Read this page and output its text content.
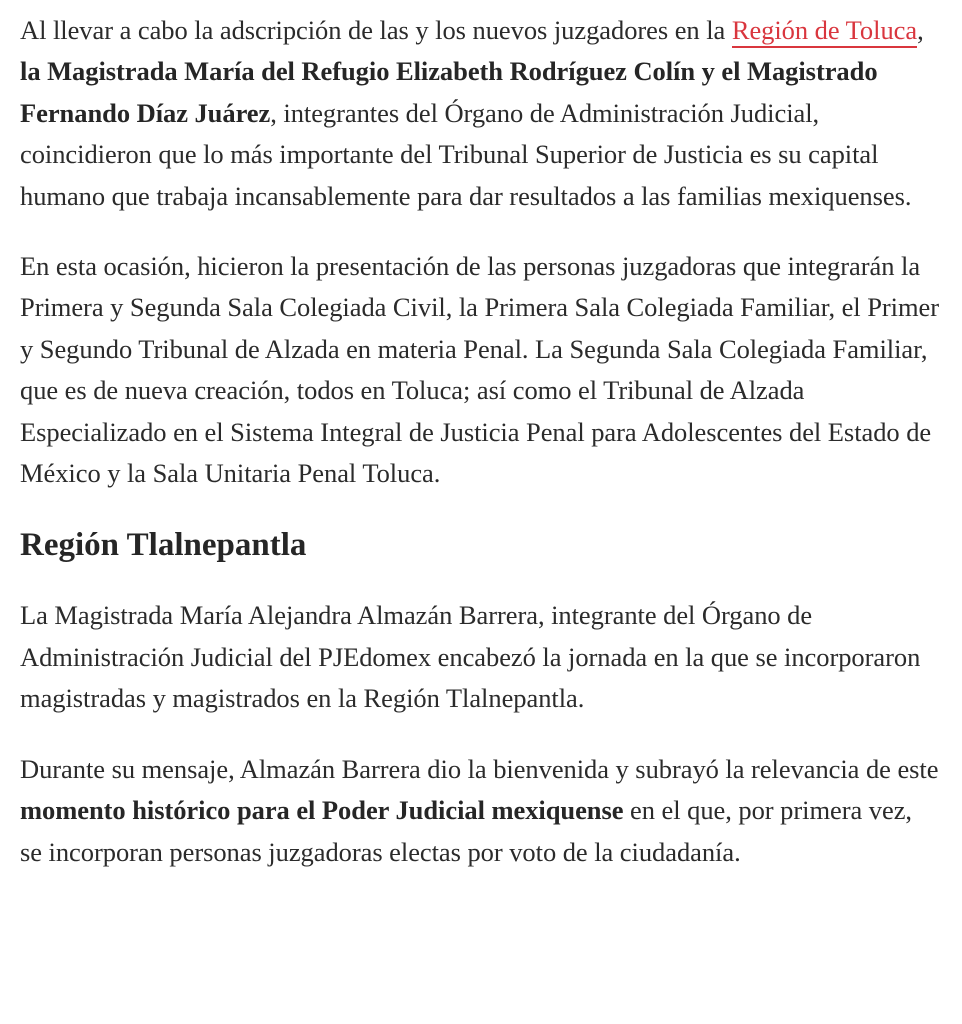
Al llevar a cabo la adscripción de las y los nuevos juzgadores en la Región de Toluca, la Magistrada María del Refugio Elizabeth Rodríguez Colín y el Magistrado Fernando Díaz Juárez, integrantes del Órgano de Administración Judicial, coincidieron que lo más importante del Tribunal Superior de Justicia es su capital humano que trabaja incansablemente para dar resultados a las familias mexiquenses.

En esta ocasión, hicieron la presentación de las personas juzgadoras que integrarán la Primera y Segunda Sala Colegiada Civil, la Primera Sala Colegiada Familiar, el Primer y Segundo Tribunal de Alzada en materia Penal. La Segunda Sala Colegiada Familiar, que es de nueva creación, todos en Toluca; así como el Tribunal de Alzada Especializado en el Sistema Integral de Justicia Penal para Adolescentes del Estado de México y la Sala Unitaria Penal Toluca.

Región Tlalnepantla

La Magistrada María Alejandra Almazán Barrera, integrante del Órgano de Administración Judicial del PJEdomex encabezó la jornada en la que se incorporaron magistradas y magistrados en la Región Tlalnepantla.

Durante su mensaje, Almazán Barrera dio la bienvenida y subrayó la relevancia de este momento histórico para el Poder Judicial mexiquense en el que, por primera vez, se incorporan personas juzgadoras electas por voto de la ciudadanía.
